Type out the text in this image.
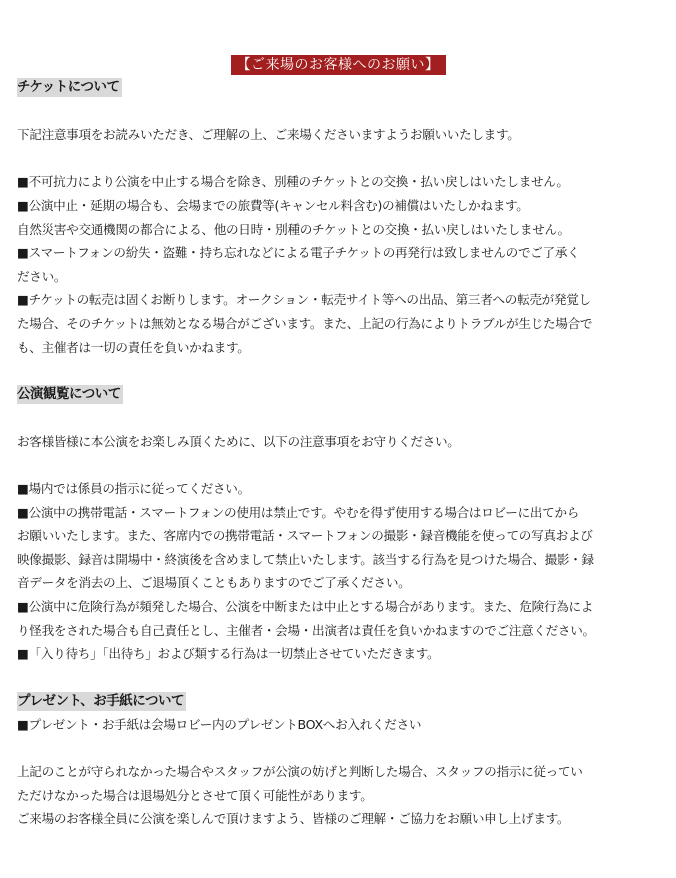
【ご来場のお客様へのお願い】
チケットについて
下記注意事項をお読みいただき、ご理解の上、ご来場くださいますようお願いいたします。
■不可抗力により公演を中止する場合を除き、別種のチケットとの交換・払い戻しはいたしません。
■公演中止・延期の場合も、会場までの旅費等(キャンセル料含む)の補償はいたしかねます。
自然災害や交通機関の都合による、他の日時・別種のチケットとの交換・払い戻しはいたしません。
■スマートフォンの紛失・盗難・持ち忘れなどによる電子チケットの再発行は致しませんのでご了承く
ださい。
■チケットの転売は固くお断りします。オークション・転売サイト等への出品、第三者への転売が発覚し
た場合、そのチケットは無効となる場合がございます。また、上記の行為によりトラブルが生じた場合で
も、主催者は一切の責任を負いかねます。
公演観覧について
お客様皆様に本公演をお楽しみ頂くために、以下の注意事項をお守りください。
■場内では係員の指示に従ってください。
■公演中の携帯電話・スマートフォンの使用は禁止です。やむを得ず使用する場合はロビーに出てから
お願いいたします。また、客席内での携帯電話・スマートフォンの撮影・録音機能を使っての写真および
映像撮影、録音は開場中・終演後を含めまして禁止いたします。該当する行為を見つけた場合、撮影・録
音データを消去の上、ご退場頂くこともありますのでご了承ください。
■公演中に危険行為が頻発した場合、公演を中断または中止とする場合があります。また、危険行為によ
り怪我をされた場合も自己責任とし、主催者・会場・出演者は責任を負いかねますのでご注意ください。
■「入り待ち」「出待ち」および類する行為は一切禁止させていただきます。
プレゼント、お手紙について
■プレゼント・お手紙は会場ロビー内のプレゼントBOXへお入れください
上記のことが守られなかった場合やスタッフが公演の妨げと判断した場合、スタッフの指示に従ってい
ただけなかった場合は退場処分とさせて頂く可能性があります。
ご来場のお客様全員に公演を楽しんで頂けますよう、皆様のご理解・ご協力をお願い申し上げます。
